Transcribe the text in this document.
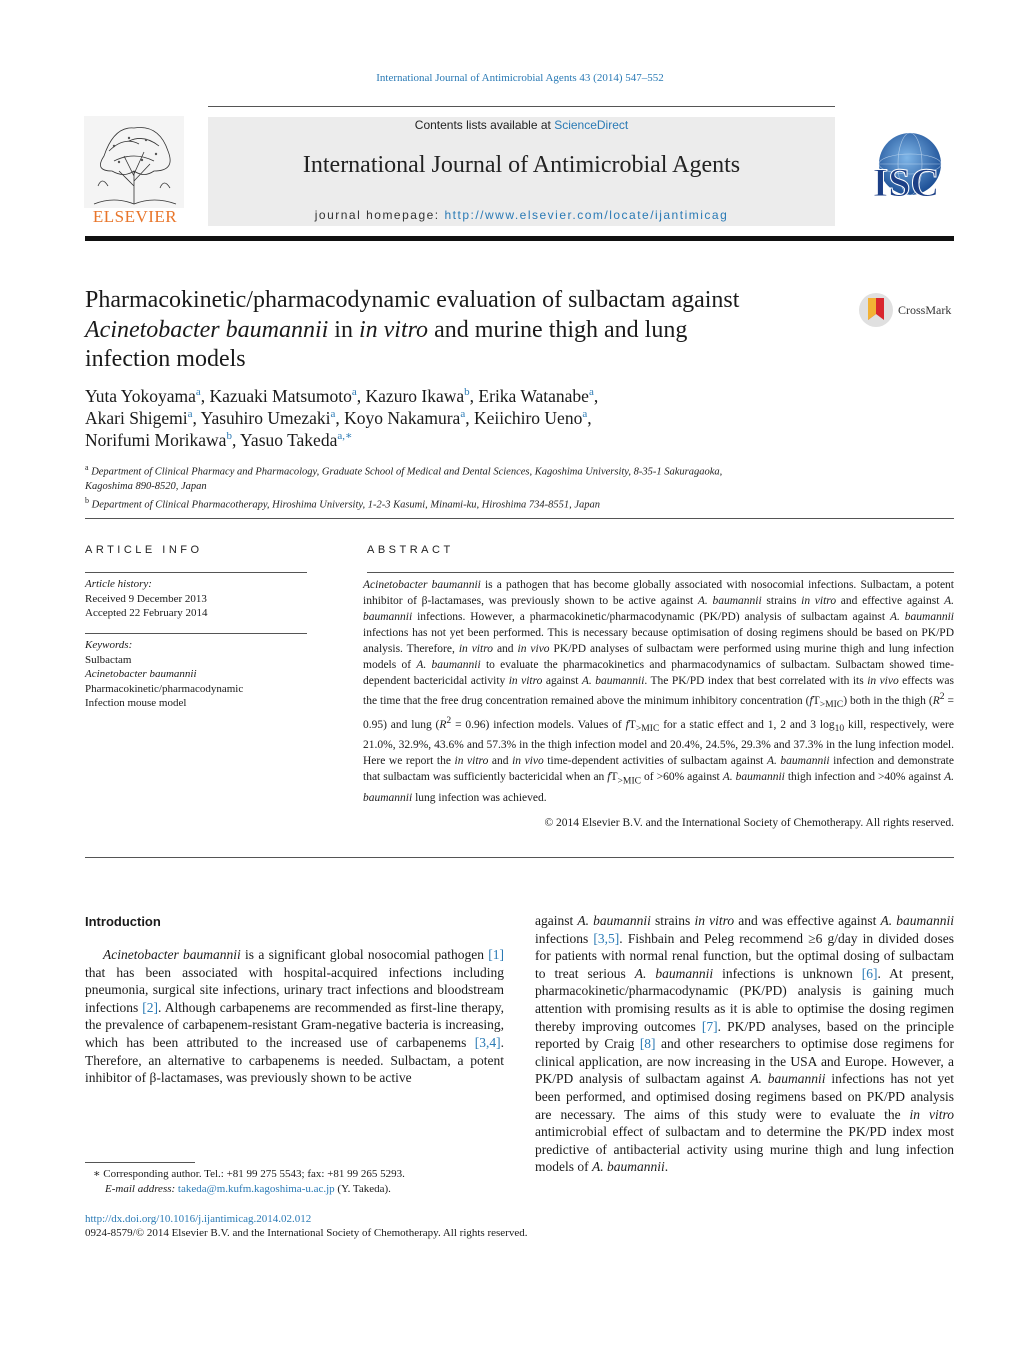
International Journal of Antimicrobial Agents 43 (2014) 547–552
Contents lists available at ScienceDirect
International Journal of Antimicrobial Agents
journal homepage: http://www.elsevier.com/locate/ijantimicag
ELSEVIER
ISC
Pharmacokinetic/pharmacodynamic evaluation of sulbactam against
Acinetobacter baumannii in in vitro and murine thigh and lung
infection models
CrossMark
Yuta Yokoyama$^a$, Kazuaki Matsumoto$^a$, Kazuro Ikawa$^b$, Erika Watanabe$^a$,
Akari Shigemi$^a$, Yasuhiro Umezaki$^a$, Koyo Nakamura$^a$, Keiichiro Ueno$^a$,
Norifumi Morikawa$^b$, Yasuo Takeda$^{a,∗}$
$^a$ Department of Clinical Pharmacy and Pharmacology, Graduate School of Medical and Dental Sciences, Kagoshima University, 8-35-1 Sakuragaoka,
Kagoshima 890-8520, Japan
$^b$ Department of Clinical Pharmacotherapy, Hiroshima University, 1-2-3 Kasumi, Minami-ku, Hiroshima 734-8551, Japan
ARTICLE INFO
Article history:
Received 9 December 2013
Accepted 22 February 2014
Keywords:
Sulbactam
Acinetobacter baumannii
Pharmacokinetic/pharmacodynamic
Infection mouse model
ABSTRACT
Acinetobacter baumannii is a pathogen that has become globally associated with nosocomial infections. Sulbactam, a potent inhibitor of β-lactamases, was previously shown to be active against A. baumannii strains in vitro and effective against A. baumannii infections. However, a pharmacokinetic/pharmacodynamic (PK/PD) analysis of sulbactam against A. baumannii infections has not yet been performed. This is necessary because optimisation of dosing regimens should be based on PK/PD analysis. Therefore, in vitro and in vivo PK/PD analyses of sulbactam were performed using murine thigh and lung infection models of A. baumannii to evaluate the pharmacokinetics and pharmacodynamics of sulbactam. Sulbactam showed time-dependent bactericidal activity in vitro against A. baumannii. The PK/PD index that best correlated with its in vivo effects was the time that the free drug concentration remained above the minimum inhibitory concentration $(fT_{>MIC})$ both in the thigh $(R^2 = 0.95)$ and lung $(R^2 = 0.96)$ infection models. Values of $fT_{>MIC}$ for a static effect and 1, 2 and 3 $\log_{10}$ kill, respectively, were 21.0%, 32.9%, 43.6% and 57.3% in the thigh infection model and 20.4%, 24.5%, 29.3% and 37.3% in the lung infection model. Here we report the in vitro and in vivo time-dependent activities of sulbactam against A. baumannii infection and demonstrate that sulbactam was sufficiently bactericidal when an $fT_{>MIC}$ of >60% against A. baumannii thigh infection and >40% against A. baumannii lung infection was achieved.
© 2014 Elsevier B.V. and the International Society of Chemotherapy. All rights reserved.
Introduction
Acinetobacter baumannii is a significant global nosocomial pathogen [1] that has been associated with hospital-acquired infections including pneumonia, surgical site infections, urinary tract infections and bloodstream infections [2]. Although carbapenems are recommended as first-line therapy, the prevalence of carbapenem-resistant Gram-negative bacteria is increasing, which has been attributed to the increased use of carbapenems [3,4]. Therefore, an alternative to carbapenems is needed. Sulbactam, a potent inhibitor of β-lactamases, was previously shown to be active
against A. baumannii strains in vitro and was effective against A. baumannii infections [3,5]. Fishbain and Peleg recommend ≥6 g/day in divided doses for patients with normal renal function, but the optimal dosing of sulbactam to treat serious A. baumannii infections is unknown [6]. At present, pharmacokinetic/pharmacodynamic (PK/PD) analysis is gaining much attention with promising results as it is able to optimise the dosing regimen thereby improving outcomes [7]. PK/PD analyses, based on the principle reported by Craig [8] and other researchers to optimise dose regimens for clinical application, are now increasing in the USA and Europe. However, a PK/PD analysis of sulbactam against A. baumannii infections has not yet been performed, and optimised dosing regimens based on PK/PD analysis are necessary. The aims of this study were to evaluate the in vitro antimicrobial effect of sulbactam and to determine the PK/PD index most predictive of antibacterial activity using murine thigh and lung infection models of A. baumannii.
∗ Corresponding author. Tel.: +81 99 275 5543; fax: +81 99 265 5293.
E-mail address: takeda@m.kufm.kagoshima-u.ac.jp (Y. Takeda).
http://dx.doi.org/10.1016/j.ijantimicag.2014.02.012
0924-8579/© 2014 Elsevier B.V. and the International Society of Chemotherapy. All rights reserved.
